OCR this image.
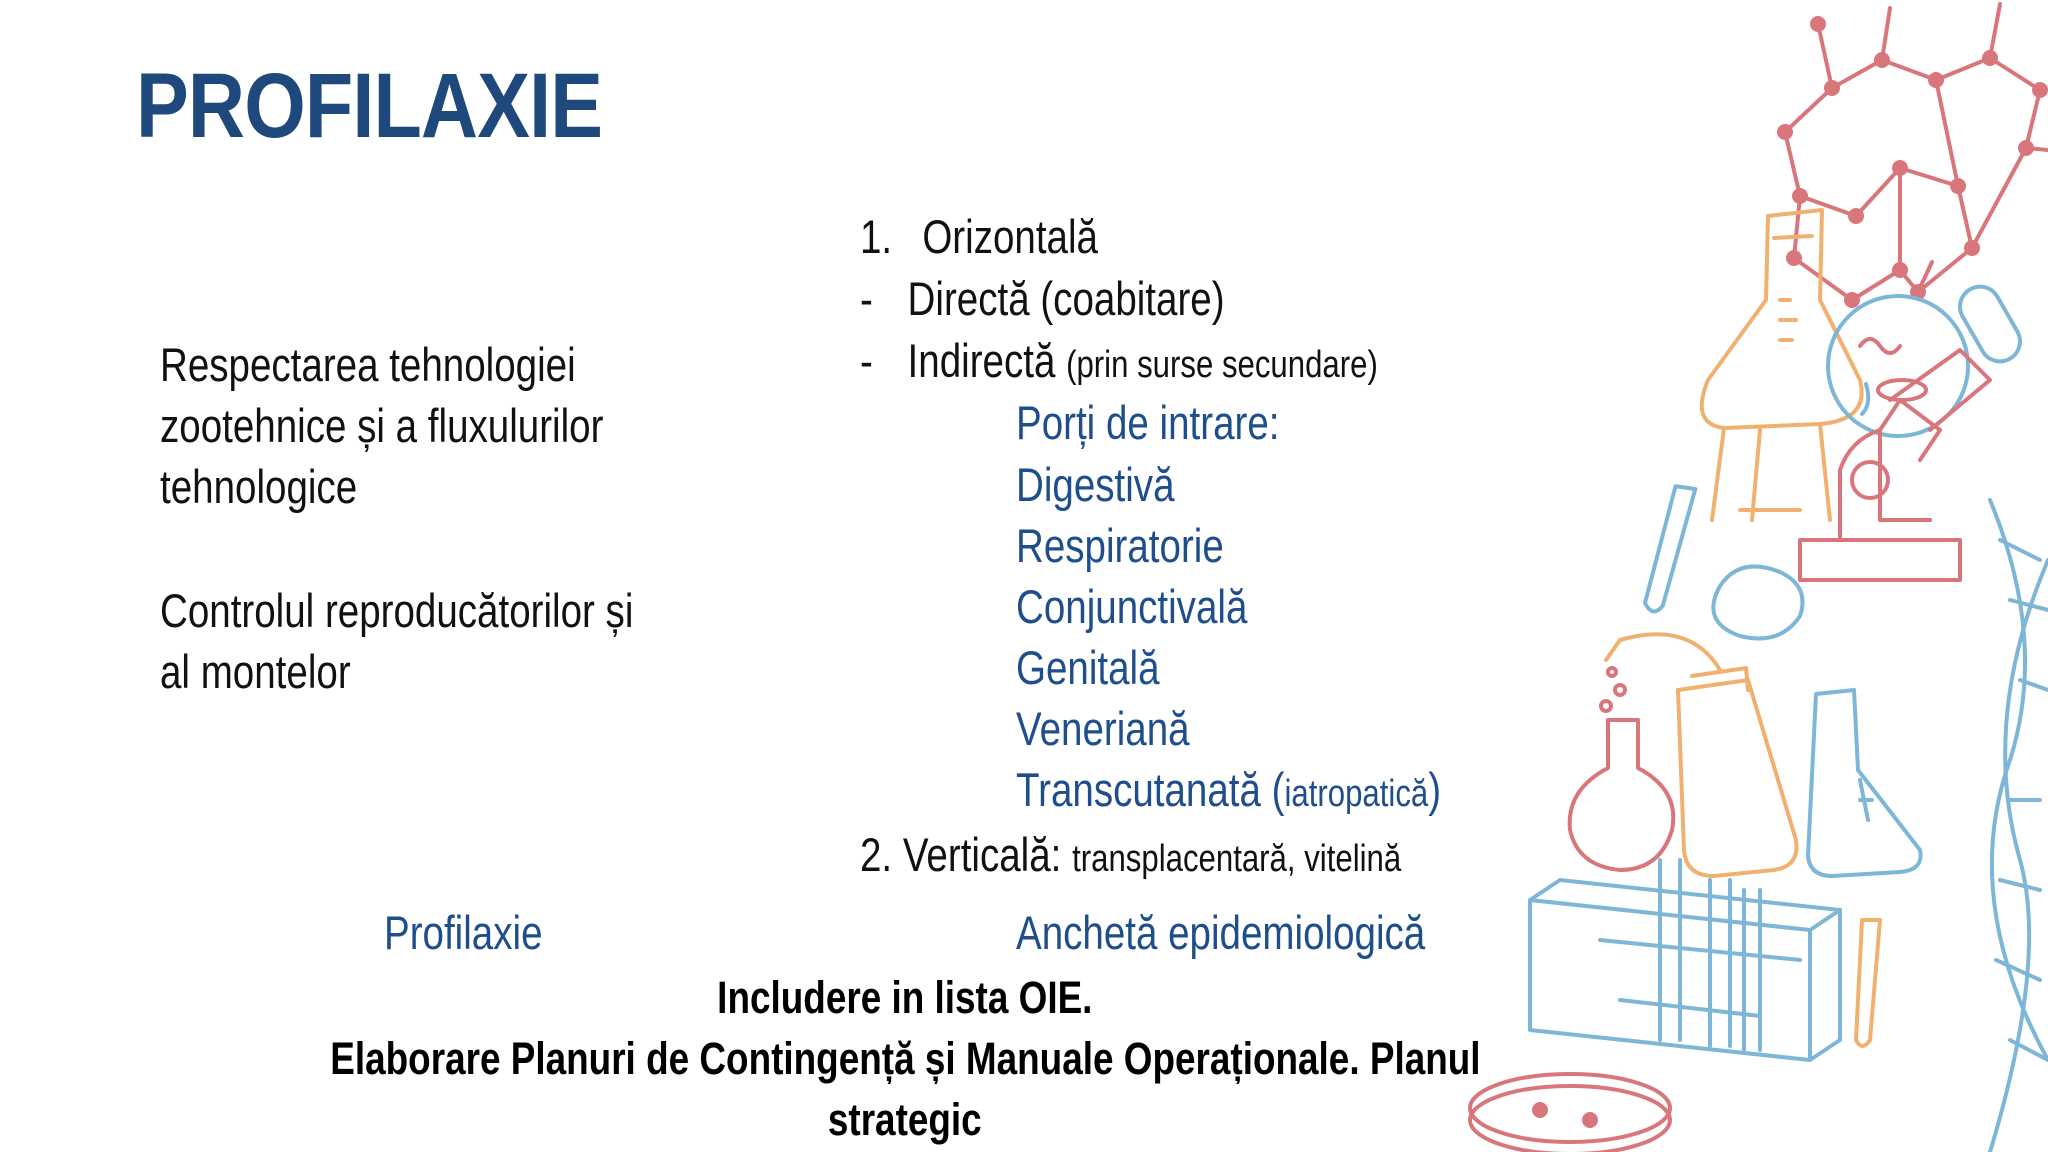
PROFILAXIE
Respectarea tehnologiei
zootehnice și a fluxulurilor
tehnologice
Controlul reproducătorilor și
al montelor
1. Orizontală
- Directă (coabitare)
- Indirectă (prin surse secundare)
Porți de intrare:
Digestivă
Respiratorie
Conjunctivală
Genitală
Veneriană
Transcutanată (iatropatică)
2. Verticală: transplacentară, vitelină
Profilaxie	Anchetă epidemiologică
Includere in lista OIE.
Elaborare Planuri de Contingență și Manuale Operaționale. Planul
strategic
